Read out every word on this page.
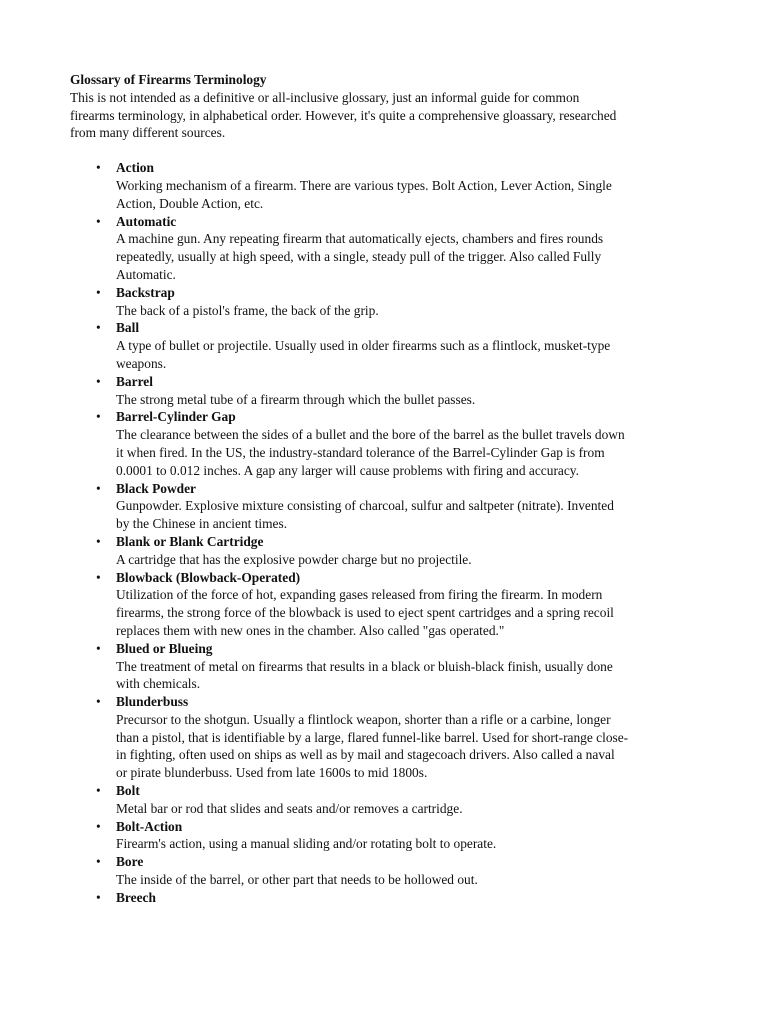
Glossary of Firearms Terminology

This is not intended as a definitive or all-inclusive glossary, just an informal guide for common
firearms terminology, in alphabetical order. However, it's quite a comprehensive gloassary, researched
from many different sources.

• Action
Working mechanism of a firearm. There are various types. Bolt Action, Lever Action, Single
Action, Double Action, etc.
• Automatic
A machine gun. Any repeating firearm that automatically ejects, chambers and fires rounds
repeatedly, usually at high speed, with a single, steady pull of the trigger. Also called Fully
Automatic.
• Backstrap
The back of a pistol's frame, the back of the grip.
• Ball
A type of bullet or projectile. Usually used in older firearms such as a flintlock, musket-type
weapons.
• Barrel
The strong metal tube of a firearm through which the bullet passes.
• Barrel-Cylinder Gap
The clearance between the sides of a bullet and the bore of the barrel as the bullet travels down
it when fired. In the US, the industry-standard tolerance of the Barrel-Cylinder Gap is from
0.0001 to 0.012 inches. A gap any larger will cause problems with firing and accuracy.
• Black Powder
Gunpowder. Explosive mixture consisting of charcoal, sulfur and saltpeter (nitrate). Invented
by the Chinese in ancient times.
• Blank or Blank Cartridge
A cartridge that has the explosive powder charge but no projectile.
• Blowback (Blowback-Operated)
Utilization of the force of hot, expanding gases released from firing the firearm. In modern
firearms, the strong force of the blowback is used to eject spent cartridges and a spring recoil
replaces them with new ones in the chamber. Also called "gas operated."
• Blued or Blueing
The treatment of metal on firearms that results in a black or bluish-black finish, usually done
with chemicals.
• Blunderbuss
Precursor to the shotgun. Usually a flintlock weapon, shorter than a rifle or a carbine, longer
than a pistol, that is identifiable by a large, flared funnel-like barrel. Used for short-range close-
in fighting, often used on ships as well as by mail and stagecoach drivers. Also called a naval
or pirate blunderbuss. Used from late 1600s to mid 1800s.
• Bolt
Metal bar or rod that slides and seats and/or removes a cartridge.
• Bolt-Action
Firearm's action, using a manual sliding and/or rotating bolt to operate.
• Bore
The inside of the barrel, or other part that needs to be hollowed out.
• Breech
